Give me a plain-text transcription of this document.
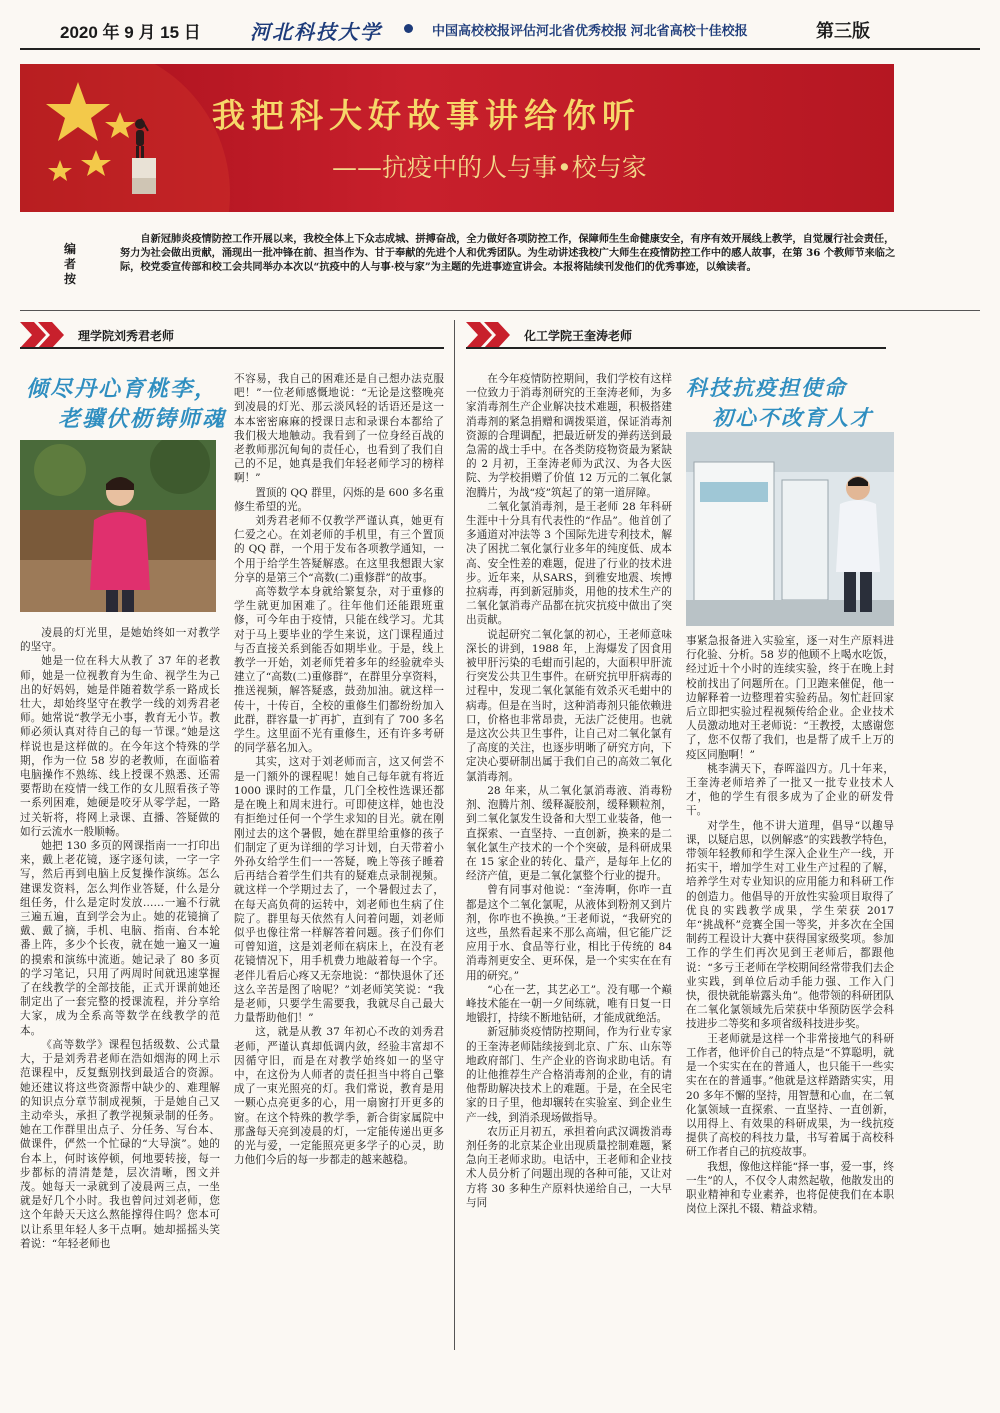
2020 年 9 月 15 日 河北科技大学	中国高校校报评估河北省优秀校报 河北省高校十佳校报	第三版
我把科大好故事讲给你听
——抗疫中的人与事•校与家
编者按

自新冠肺炎疫情防控工作开展以来，我校全体上下众志成城、拼搏奋战，全力做好各项防控工作，保障师生生命健康安全，有序有效开展线上教学，自觉履行社会责任，努力为社会做出贡献，涌现出一批冲锋在前、担当作为、甘于奉献的先进个人和优秀团队。为生动讲述我校广大师生在疫情防控工作中的感人故事，在第 36 个教师节来临之际，校党委宣传部和校工会共同举办本次以“抗疫中的人与事·校与家”为主题的先进事迹宣讲会。本报将陆续刊发他们的优秀事迹，以飨读者。

理学院刘秀君老师
倾尽丹心育桃李，
老骥伏枥铸师魂

凌晨的灯光里，是她始终如一对教学的坚守。

她是一位在科大从教了 37 年的老教师，她是一位视教育为生命、视学生为己出的好妈妈，她是伴随着数学系一路成长壮大，却始终坚守在教学一线的刘秀君老师。她常说“教学无小事，教育无小节。教师必须认真对待自己的每一节课。”她是这样说也是这样做的。在今年这个特殊的学期，作为一位 58 岁的老教师，在面临着电脑操作不熟练、线上授课不熟悉、还需要帮助在疫情一线工作的女儿照看孩子等一系列困难，她硬是咬牙从零学起，一路过关斩将，将网上录课、直播、答疑做的如行云流水一般顺畅。

她把 130 多页的网课指南一一打印出来，戴上老花镜，逐字逐句读，一字一字写，然后再到电脑上反复操作演练。怎么建课发资料，怎么判作业答疑，什么是分组任务，什么是定时发放……一遍不行就三遍五遍，直到学会为止。她的花镜摘了戴、戴了摘，手机、电脑、指南、台本轮番上阵，多少个长夜，就在她一遍又一遍的摸索和演练中流逝。她记录了 80 多页的学习笔记，只用了两周时间就迅速掌握了在线教学的全部技能，正式开课前她还制定出了一套完整的授课流程，并分享给大家，成为全系高等数学在线教学的范本。

《高等数学》课程包括级数、公式量大，于是刘秀君老师在浩如烟海的网上示范课程中，反复甄别找到最适合的资源。她还建议将这些资源帮中缺少的、难理解的知识点分章节制成视频，于是她自己又主动牵头，承担了教学视频录制的任务。她在工作群里出点子、分任务、写台本、做课件，俨然一个忙碌的“大导演”。她的台本上，何时该停顿，何地要转接，每一步都标的清清楚楚，层次清晰，图文并茂。她每天一录就到了凌晨两三点，一坐就是好几个小时。我也曾问过刘老师，您这个年龄天天这么熬能撑得住吗？您本可以让系里年轻人多干点啊。她却摇摇头笑着说：“年轻老师也

不容易，我自己的困难还是自己想办法克服吧！”一位老师感慨地说：“无论是这整晚亮到凌晨的灯光、那云淡风轻的话语还是这一本本密密麻麻的授课日志和录课台本都给了我们极大地触动。我看到了一位身经百战的老教师那沉甸甸的责任心，也看到了我们自己的不足，她真是我们年轻老师学习的榜样啊！”

置顶的 QQ 群里，闪烁的是 600 多名重修生希望的光。

刘秀君老师不仅教学严谨认真，她更有仁爱之心。在刘老师的手机里，有三个置顶的 QQ 群，一个用于发布各项教学通知，一个用于给学生答疑解惑。在这里我想跟大家分享的是第三个“高数(二)重修群”的故事。

高等数学本身就给繁复杂，对于重修的学生就更加困难了。往年他们还能跟班重修，可今年由于疫情，只能在线学习。尤其对于马上要毕业的学生来说，这门课程通过与否直接关系到能否如期毕业。于是，线上教学一开始，刘老师凭着多年的经验就牵头建立了“高数(二)重修群”，在群里分享资料，推送视频，解答疑惑，鼓劲加油。就这样一传十，十传百，全校的重修生们都纷纷加入此群，群容量一扩再扩，直到有了 700 多名学生。这里面不光有重修生，还有许多考研的同学慕名加入。

其实，这对于刘老师而言，这又何尝不是一门额外的课程呢！她自己每年就有将近 1000 课时的工作量，几门全校性选课还都是在晚上和周末进行。可即使这样，她也没有拒绝过任何一个学生求知的目光。就在刚刚过去的这个暑假，她在群里给重修的孩子们制定了更为详细的学习计划，白天带着小外孙女给学生们一一答疑，晚上等孩子睡着后再结合着学生们共有的疑难点录制视频。就这样一个学期过去了，一个暑假过去了，在每天高负荷的运转中，刘老师也生病了住院了。群里每天依然有人问着问题，刘老师似乎也像往常一样解答着问题。孩子们你们可曾知道，这是刘老师在病床上，在没有老花镜情况下，用手机费力地敲着每一个字。老伴儿看后心疼又无奈地说：“都快退休了还这么辛苦是图了啥呢？”刘老师笑笑说：“我是老师，只要学生需要我，我就尽自己最大力量帮助他们！”

这，就是从教 37 年初心不改的刘秀君老师，严谨认真却低调内敛，经验丰富却不因循守旧，而是在对教学始终如一的坚守中，在这份为人师者的责任担当中将自己擎成了一束光照亮的灯。我们常说，教育是用一颗心点亮更多的心，用一扇窗打开更多的窗。在这个特殊的教学季，新合街家属院中那盏每天亮到凌晨的灯，一定能传递出更多的光与爱，一定能照亮更多学子的心灵，助力他们今后的每一步都走的越来越稳。

化工学院王奎涛老师

在今年疫情防控期间，我们学校有这样一位致力于消毒剂研究的王奎涛老师，为多家消毒剂生产企业解决技术难题，积极搭建消毒剂的紧急捐赠和调拨渠道，保证消毒剂资源的合理调配，把最近研发的弹药送到最急需的战士手中。在各类防疫物资最为紧缺的 2 月初，王奎涛老师为武汉、为各大医院、为学校捐赠了价值 12 万元的二氧化氯泡腾片，为战“疫”筑起了的第一道屏障。

二氧化氯消毒剂，是王老师 28 年科研生涯中十分具有代表性的“作品”。他首创了多通道对冲法等 3 个国际先进专利技术，解决了困扰二氧化氯行业多年的纯度低、成本高、安全性差的难题，促进了行业的技术进步。近年来，从SARS，到雅安地震、埃博拉病毒，再到新冠肺炎，用他的技术生产的二氧化氯消毒产品都在抗灾抗疫中做出了突出贡献。

说起研究二氧化氯的初心，王老师意味深长的讲到，1988 年，上海爆发了因食用被甲肝污染的毛蚶而引起的，大面积甲肝流行突发公共卫生事件。在研究抗甲肝病毒的过程中，发现二氧化氯能有效杀灭毛蚶中的病毒。但是在当时，这种消毒剂只能依赖进口，价格也非常昂贵，无法广泛使用。也就是这次公共卫生事件，让自己对二氧化氯有了高度的关注，也逐步明晰了研究方向，下定决心要研制出属于我们自己的高效二氧化氯消毒剂。

28 年来，从二氧化氯消毒液、消毒粉剂、泡腾片剂、缓释凝胶剂，缓释颗粒剂，到二氧化氯发生设备和大型工业装备，他一直探索、一直坚持、一直创新，换来的是二氧化氯生产技术的一个个突破，是科研成果在 15 家企业的转化、量产，是每年上亿的经济产值，更是二氧化氯整个行业的提升。

曾有同事对他说：“奎涛啊，你咋一直都是这个二氧化氯呢，从液体到粉剂又到片剂，你咋也不换换。”王老师说，“我研究的这些，虽然看起来不那么高端，但它能广泛应用于水、食品等行业，相比于传统的 84 消毒剂更安全、更环保，是一个实实在在有用的研究。”

“心在一艺，其艺必工”。没有哪一个巅峰技术能在一朝一夕间练就，唯有日复一日地锻打，持续不断地钻研，才能成就绝活。

新冠肺炎疫情防控期间，作为行业专家的王奎涛老师陆续接到北京、广东、山东等地政府部门、生产企业的咨询求助电话。有的让他推荐生产合格消毒剂的企业，有的请他帮助解决技术上的难题。于是，在全民宅家的日子里，他却辗转在实验室、到企业生产一线，到消杀现场做指导。

农历正月初五，承担着向武汉调拨消毒剂任务的北京某企业出现质量控制难题，紧急向王老师求助。电话中，王老师和企业技术人员分析了问题出现的各种可能，又让对方将 30 多种生产原料快递给自己，一大早与同

科技抗疫担使命
初心不改育人才

事紧急报备进入实验室，逐一对生产原料进行化验、分析。58 岁的他顾不上喝水吃饭，经过近十个小时的连续实验，终于在晚上封校前找出了问题所在。门卫跑来催促，他一边解释着一边整理着实验药品。匆忙赶回家后立即把实验过程视频传给企业。企业技术人员激动地对王老师说：“王教授，太感谢您了，您不仅帮了我们，也是帮了成千上万的疫区同胞啊！”

桃李满天下，春晖溢四方。几十年来，王奎涛老师培养了一批又一批专业技术人才，他的学生有很多成为了企业的研发骨干。

对学生，他不讲大道理，倡导“以趣导课，以疑启思，以例解惑”的实践教学特色，带领年轻教师和学生深入企业生产一线，开拓实干，增加学生对工业生产过程的了解，培养学生对专业知识的应用能力和科研工作的创造力。他倡导的开放性实验项目取得了优良的实践教学成果，学生荣获 2017 年“挑战杯”竞赛全国一等奖，并多次在全国制药工程设计大赛中获得国家级奖项。参加工作的学生们再次见到王老师后，都跟他说：“多亏王老师在学校期间经常带我们去企业实践，到单位后动手能力强、工作入门快，很快就能崭露头角”。他带领的科研团队在二氧化氯领域先后荣获中华预防医学会科技进步二等奖和多项省级科技进步奖。

王老师就是这样一个非常接地气的科研工作者，他评价自己的特点是“不算聪明，就是一个实实在在的普通人，也只能干一些实实在在的普通事。”他就是这样踏踏实实，用 20 多年不懈的坚持，用智慧和心血，在二氧化氯领域一直探索、一直坚持、一直创新，以用得上、有效果的科研成果，为一线抗疫提供了高校的科技力量，书写着属于高校科研工作者自己的抗疫故事。

我想，像他这样能“择一事，爱一事，终一生”的人，不仅令人肃然起敬，他散发出的职业精神和专业素养，也将促使我们在本职岗位上深扎不辍、精益求精。
